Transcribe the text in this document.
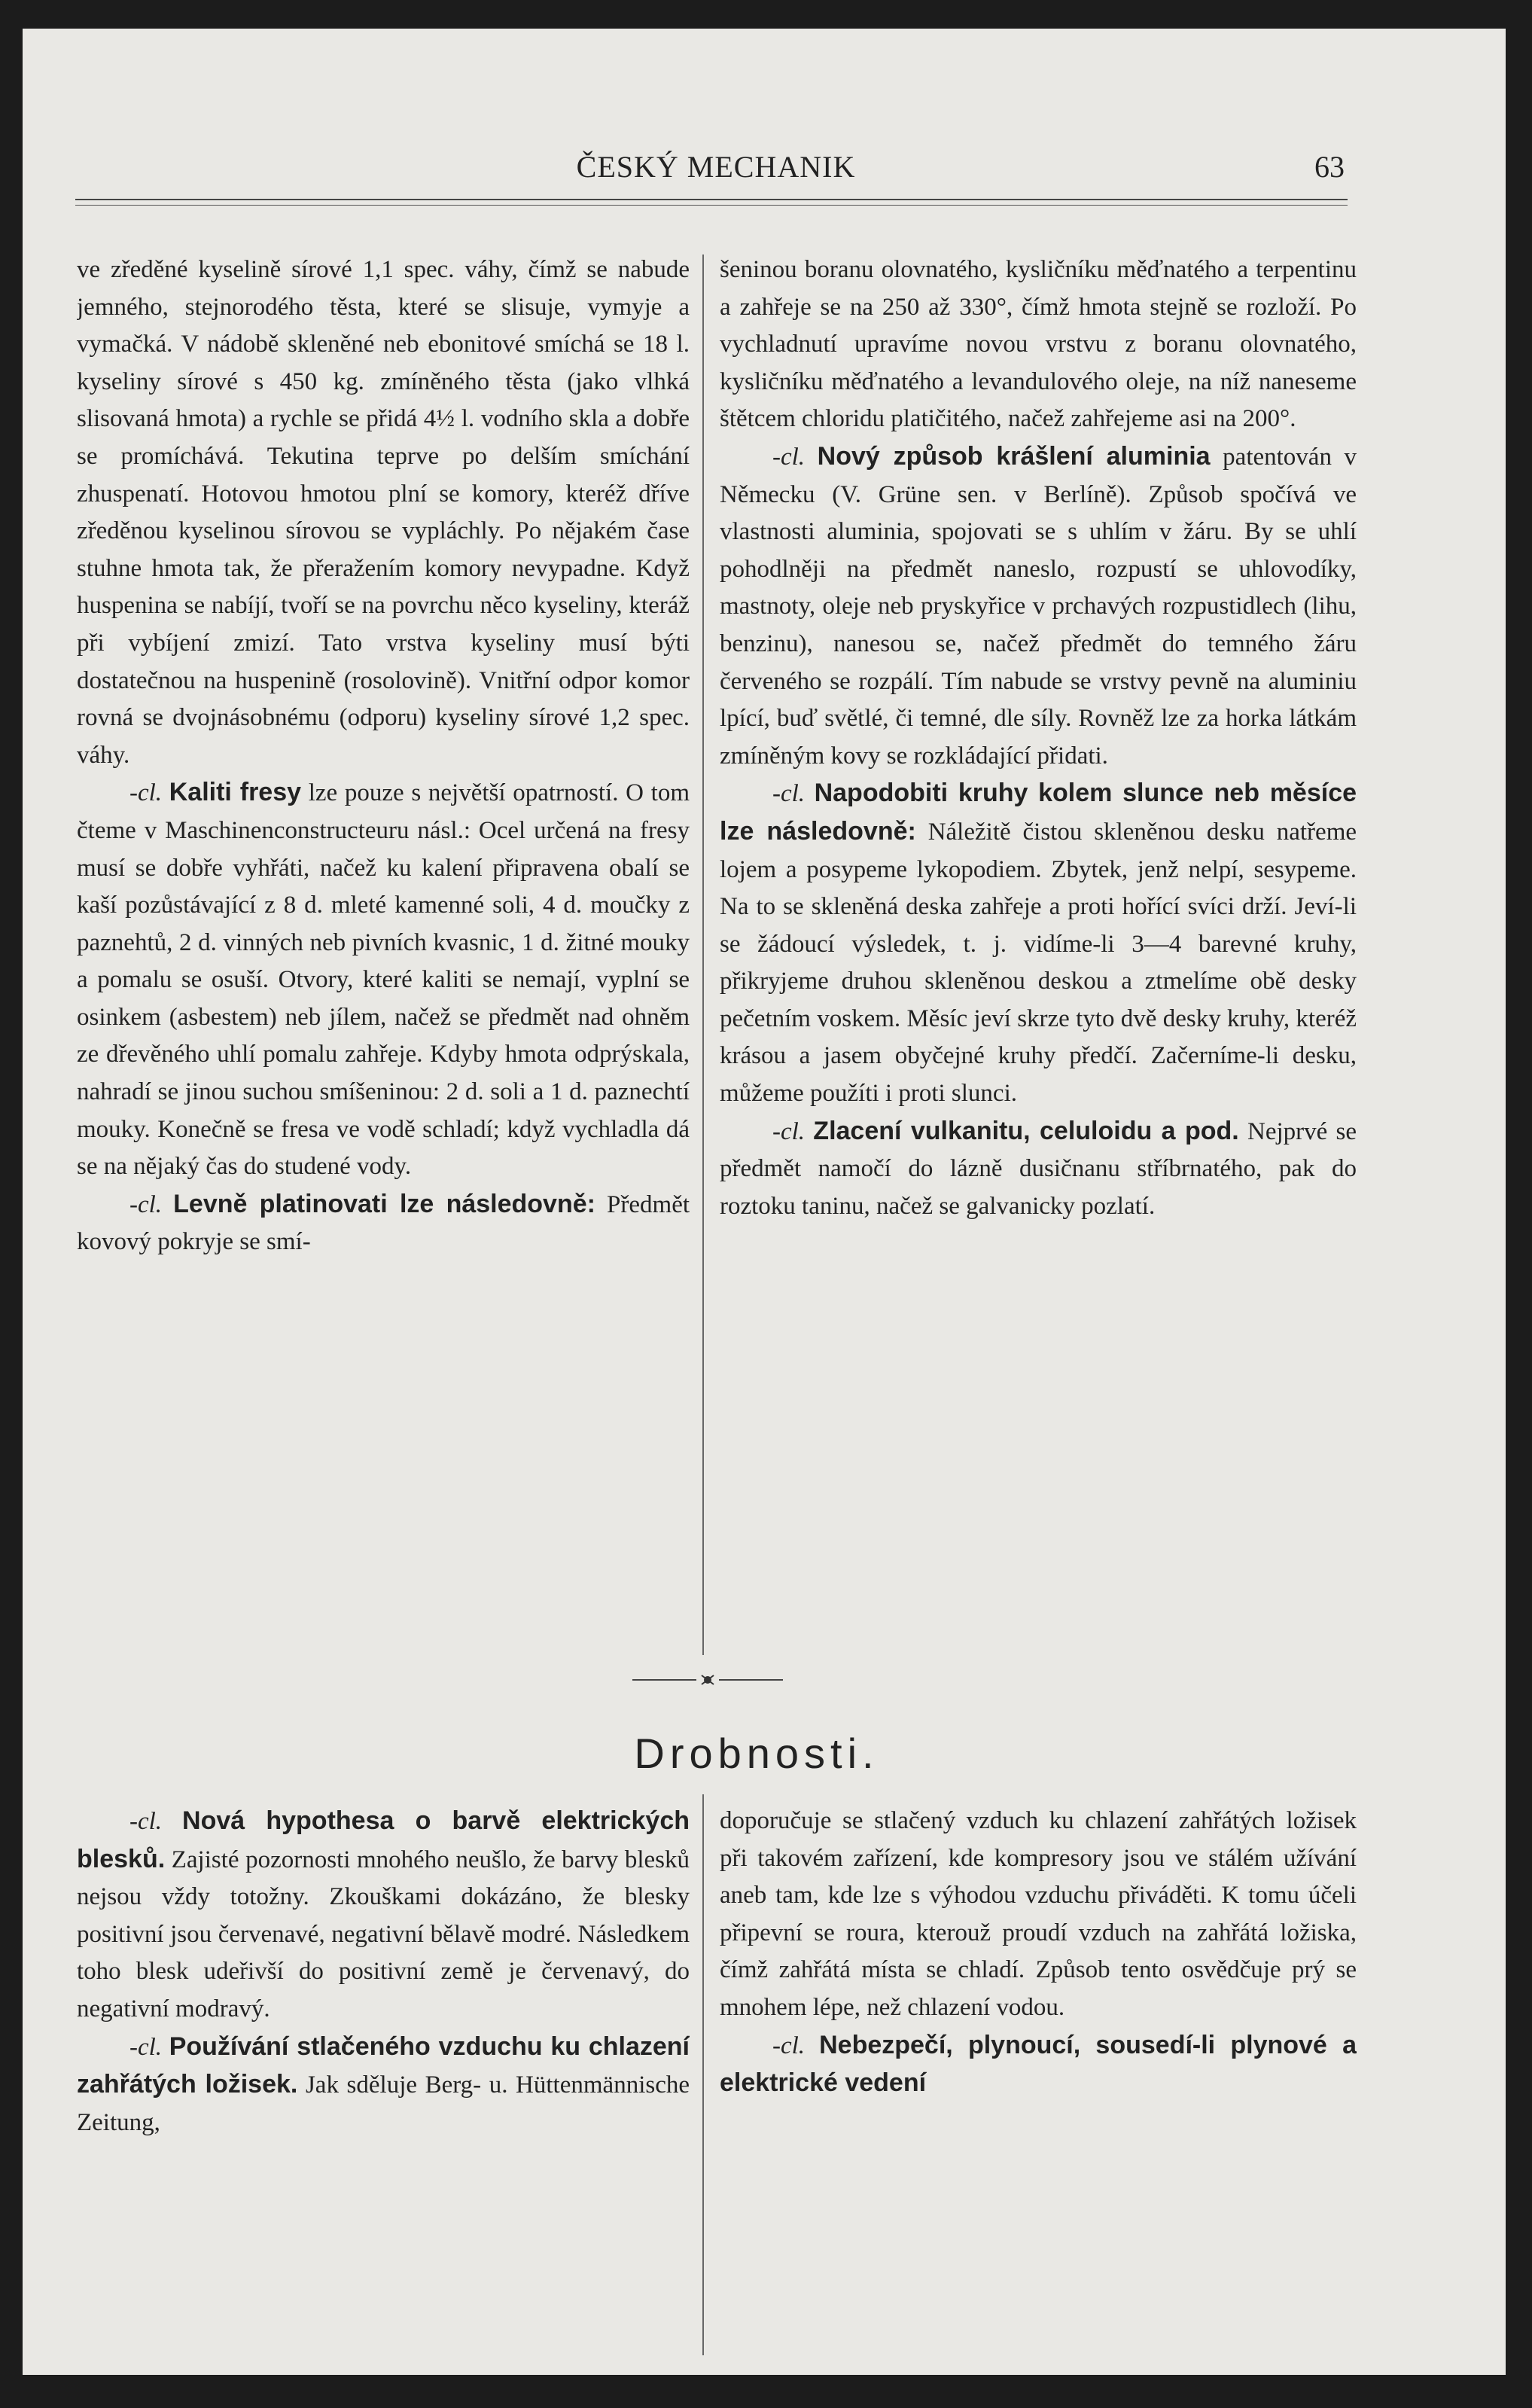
ČESKÝ MECHANIK	63

ve zředěné kyselině sírové 1,1 spec. váhy, čímž se nabude jemného, stejnorodého těsta, které se slisuje, vymyje a vymačká. V nádobě skleněné neb ebonitové smíchá se 18 l. kyseliny sírové s 450 kg. zmíněného těsta (jako vlhká slisovaná hmota) a rychle se přidá 4½ l. vodního skla a dobře se promíchává. Tekutina teprve po delším smíchání zhuspenatí. Hotovou hmotou plní se komory, kteréž dříve zředěnou kyselinou sírovou se vypláchly. Po nějakém čase stuhne hmota tak, že přeražením komory nevypadne. Když huspenina se nabíjí, tvoří se na povrchu něco kyseliny, kteráž při vybíjení zmizí. Tato vrstva kyseliny musí býti dostatečnou na huspenině (rosolovině). Vnitřní odpor komor rovná se dvojnásobnému (odporu) kyseliny sírové 1,2 spec. váhy.

-cl. Kaliti fresy lze pouze s největší opatrností. O tom čteme v Maschinenconstructeuru násl.: Ocel určená na fresy musí se dobře vyhřáti, načež ku kalení připravena obalí se kaší pozůstávající z 8 d. mleté kamenné soli, 4 d. moučky z paznehtů, 2 d. vinných neb pivních kvasnic, 1 d. žitné mouky a pomalu se osuší. Otvory, které kaliti se nemají, vyplní se osinkem (asbestem) neb jílem, načež se předmět nad ohněm ze dřevěného uhlí pomalu zahřeje. Kdyby hmota odprýskala, nahradí se jinou suchou smíšeninou: 2 d. soli a 1 d. paznechtí mouky. Konečně se fresa ve vodě schladí; když vychladla dá se na nějaký čas do studené vody.

-cl. Levně platinovati lze následovně: Předmět kovový pokryje se smí-

šeninou boranu olovnatého, kysličníku měďnatého a terpentinu a zahřeje se na 250 až 330°, čímž hmota stejně se rozloží. Po vychladnutí upravíme novou vrstvu z boranu olovnatého, kysličníku měďnatého a levandulového oleje, na níž naneseme štětcem chloridu platičitého, načež zahřejeme asi na 200°.

-cl. Nový způsob krášlení aluminia patentován v Německu (V. Grüne sen. v Berlíně). Způsob spočívá ve vlastnosti aluminia, spojovati se s uhlím v žáru. By se uhlí pohodlněji na předmět naneslo, rozpustí se uhlovodíky, mastnoty, oleje neb pryskyřice v prchavých rozpustidlech (lihu, benzinu), nanesou se, načež předmět do temného žáru červeného se rozpálí. Tím nabude se vrstvy pevně na aluminiu lpící, buď světlé, či temné, dle síly. Rovněž lze za horka látkám zmíněným kovy se rozkládající přidati.

-cl. Napodobiti kruhy kolem slunce neb měsíce lze následovně: Náležitě čistou skleněnou desku natřeme lojem a posypeme lykopodiem. Zbytek, jenž nelpí, sesypeme. Na to se skleněná deska zahřeje a proti hořící svíci drží. Jeví-li se žádoucí výsledek, t. j. vidíme-li 3—4 barevné kruhy, přikryjeme druhou skleněnou deskou a ztmelíme obě desky pečetním voskem. Měsíc jeví skrze tyto dvě desky kruhy, kteréž krásou a jasem obyčejné kruhy předčí. Začerníme-li desku, můžeme použíti i proti slunci.

-cl. Zlacení vulkanitu, celuloidu a pod. Nejprvé se předmět namočí do lázně dusičnanu stříbrnatého, pak do roztoku taninu, načež se galvanicky pozlatí.

Drobnosti.

-cl. Nová hypothesa o barvě elektrických blesků. Zajisté pozornosti mnohého neušlo, že barvy blesků nejsou vždy totožny. Zkouškami dokázáno, že blesky positivní jsou červenavé, negativní bělavě modré. Následkem toho blesk udeřivší do positivní země je červenavý, do negativní modravý.

-cl. Používání stlačeného vzduchu ku chlazení zahřátých ložisek. Jak sděluje Berg- u. Hüttenmännische Zeitung,

doporučuje se stlačený vzduch ku chlazení zahřátých ložisek při takovém zařízení, kde kompresory jsou ve stálém užívání aneb tam, kde lze s výhodou vzduchu přiváděti. K tomu účeli připevní se roura, kterouž proudí vzduch na zahřátá ložiska, čímž zahřátá místa se chladí. Způsob tento osvědčuje prý se mnohem lépe, než chlazení vodou.

-cl. Nebezpečí, plynoucí, sousedí-li plynové a elektrické vedení
